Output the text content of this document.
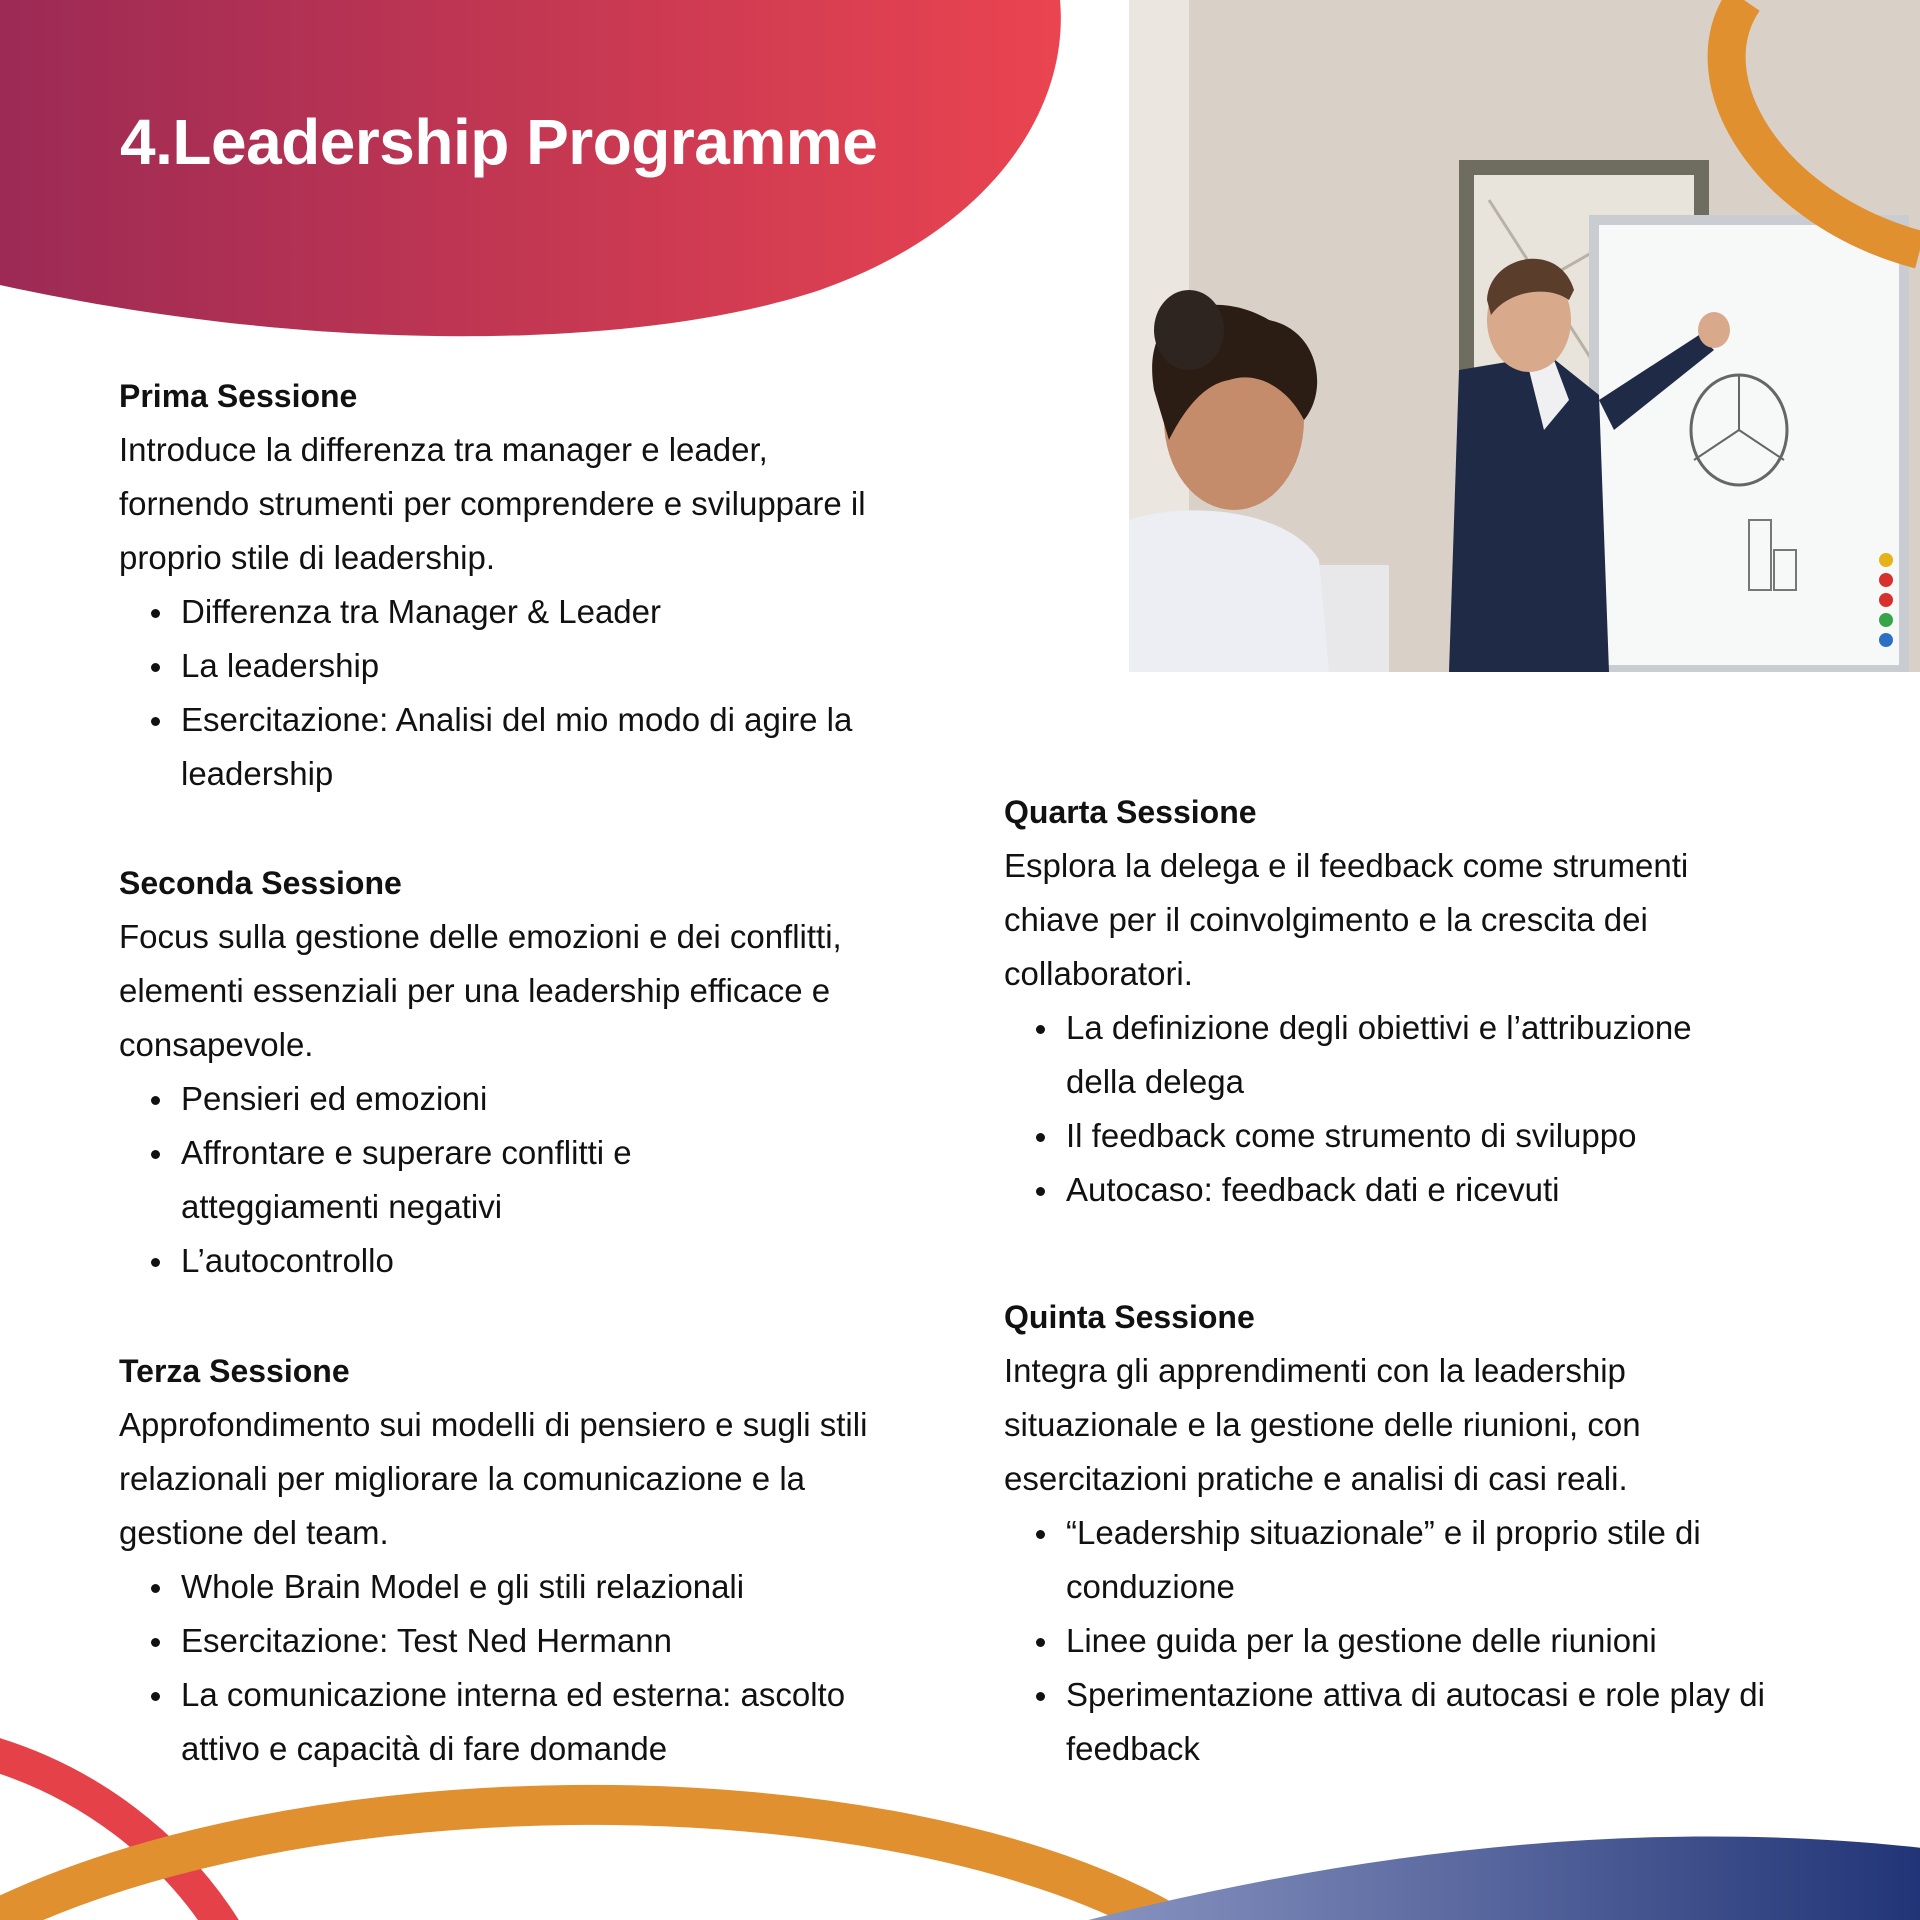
4.Leadership Programme
Prima Sessione

Introduce la differenza tra manager e leader, fornendo strumenti per comprendere e sviluppare il proprio stile di leadership.

Differenza tra Manager & Leader
La leadership
Esercitazione: Analisi del mio modo di agire la leadership
Seconda Sessione

Focus sulla gestione delle emozioni e dei conflitti, elementi essenziali per una leadership efficace e consapevole.

Pensieri ed emozioni
Affrontare e superare conflitti e atteggiamenti negativi
L’autocontrollo
Terza Sessione

Approfondimento sui modelli di pensiero e sugli stili relazionali per migliorare la comunicazione e la gestione del team.

Whole Brain Model e gli stili relazionali
Esercitazione: Test Ned Hermann
La comunicazione interna ed esterna: ascolto attivo e capacità di fare domande
Quarta Sessione

Esplora la delega e il feedback come strumenti chiave per il coinvolgimento e la crescita dei collaboratori.

La definizione degli obiettivi e l’attribuzione della delega
Il feedback come strumento di sviluppo
Autocaso: feedback dati e ricevuti
Quinta Sessione

Integra gli apprendimenti con la leadership situazionale e la gestione delle riunioni, con esercitazioni pratiche e analisi di casi reali.

“Leadership situazionale” e il proprio stile di conduzione
Linee guida per la gestione delle riunioni
Sperimentazione attiva di autocasi e role play di feedback
